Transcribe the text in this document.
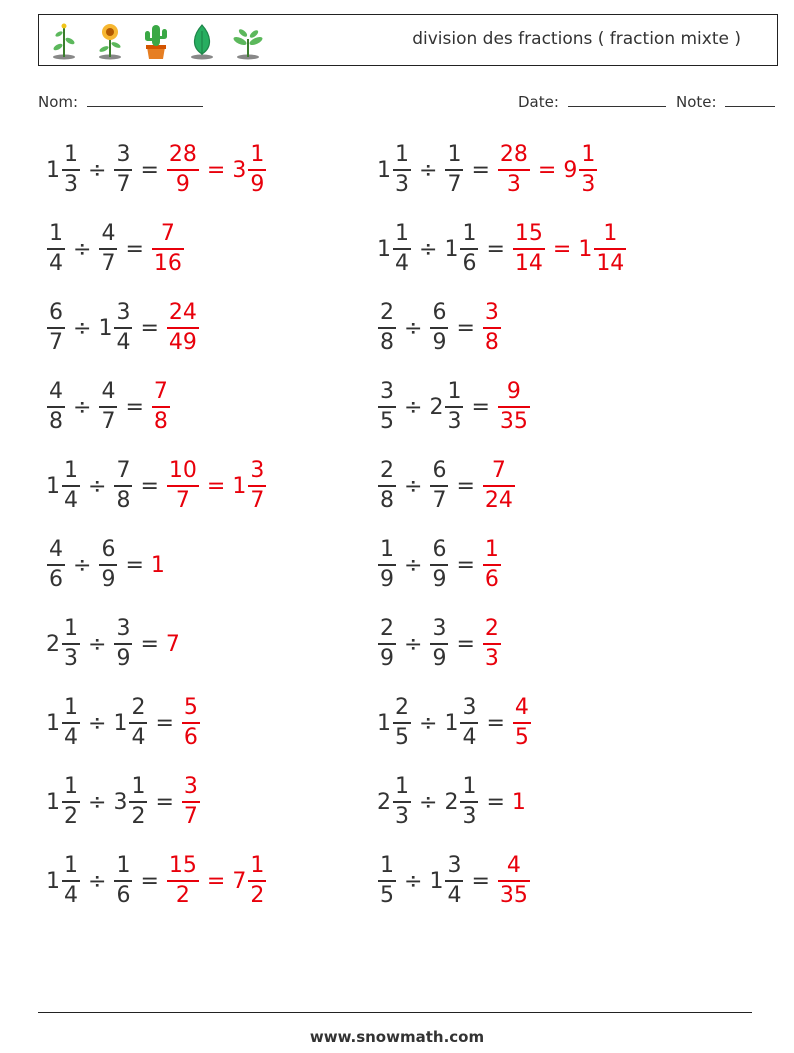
division des fractions ( fraction mixte )
Nom:	Date:	Note:
$1 \frac{1}{3} \div \frac{3}{7} = \frac{28}{9} = 3 \frac{1}{9}$	$1 \frac{1}{3} \div \frac{1}{7} = \frac{28}{3} = 9 \frac{1}{3}$
$\frac{1}{4} \div \frac{4}{7} = \frac{7}{16}$	$1 \frac{1}{4} \div 1 \frac{1}{6} = \frac{15}{14} = 1 \frac{1}{14}$
$\frac{6}{7} \div 1 \frac{3}{4} = \frac{24}{49}$	$\frac{2}{8} \div \frac{6}{9} = \frac{3}{8}$
$\frac{4}{8} \div \frac{4}{7} = \frac{7}{8}$	$\frac{3}{5} \div 2 \frac{1}{3} = \frac{9}{35}$
$1 \frac{1}{4} \div \frac{7}{8} = \frac{10}{7} = 1 \frac{3}{7}$	$\frac{2}{8} \div \frac{6}{7} = \frac{7}{24}$
$\frac{4}{6} \div \frac{6}{9} = 1$	$\frac{1}{9} \div \frac{6}{9} = \frac{1}{6}$
$2 \frac{1}{3} \div \frac{3}{9} = 7$	$\frac{2}{9} \div \frac{3}{9} = \frac{2}{3}$
$1 \frac{1}{4} \div 1 \frac{2}{4} = \frac{5}{6}$	$1 \frac{2}{5} \div 1 \frac{3}{4} = \frac{4}{5}$
$1 \frac{1}{2} \div 3 \frac{1}{2} = \frac{3}{7}$	$2 \frac{1}{3} \div 2 \frac{1}{3} = 1$
$1 \frac{1}{4} \div \frac{1}{6} = \frac{15}{2} = 7 \frac{1}{2}$	$\frac{1}{5} \div 1 \frac{3}{4} = \frac{4}{35}$
www.snowmath.com
